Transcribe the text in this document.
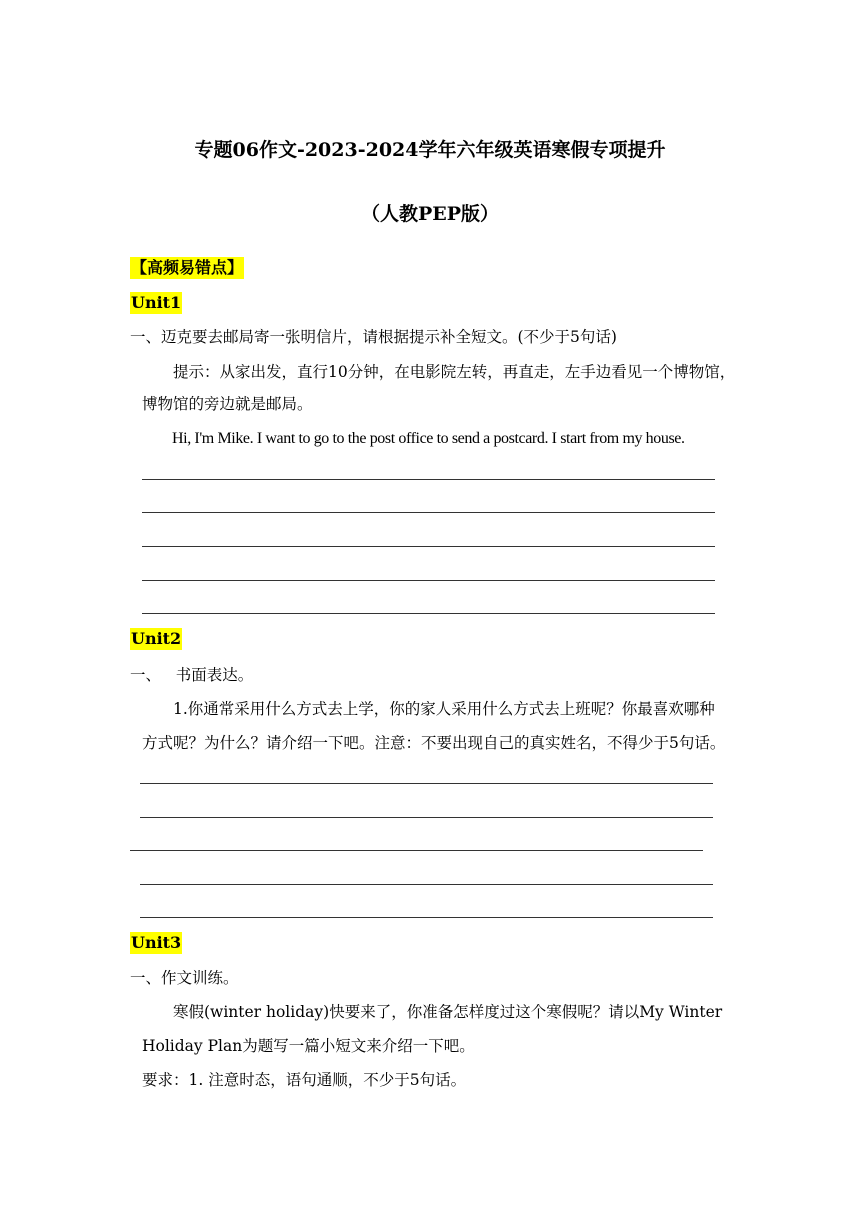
专题06作文-2023-2024学年六年级英语寒假专项提升
（人教PEP版）
【高频易错点】
Unit1
一、迈克要去邮局寄一张明信片，请根据提示补全短文。(不少于5句话)
提示：从家出发，直行10分钟，在电影院左转，再直走，左手边看见一个博物馆，
博物馆的旁边就是邮局。
Hi, I'm Mike. I want to go to the post office to send a postcard. I start from my house.
Unit2
一、   书面表达。
1.你通常采用什么方式去上学，你的家人采用什么方式去上班呢？你最喜欢哪种
方式呢？为什么？请介绍一下吧。注意：不要出现自己的真实姓名，不得少于5句话。
Unit3
一、作文训练。
寒假(winter holiday)快要来了，你准备怎样度过这个寒假呢？请以My Winter
Holiday Plan为题写一篇小短文来介绍一下吧。
要求：1. 注意时态，语句通顺，不少于5句话。
